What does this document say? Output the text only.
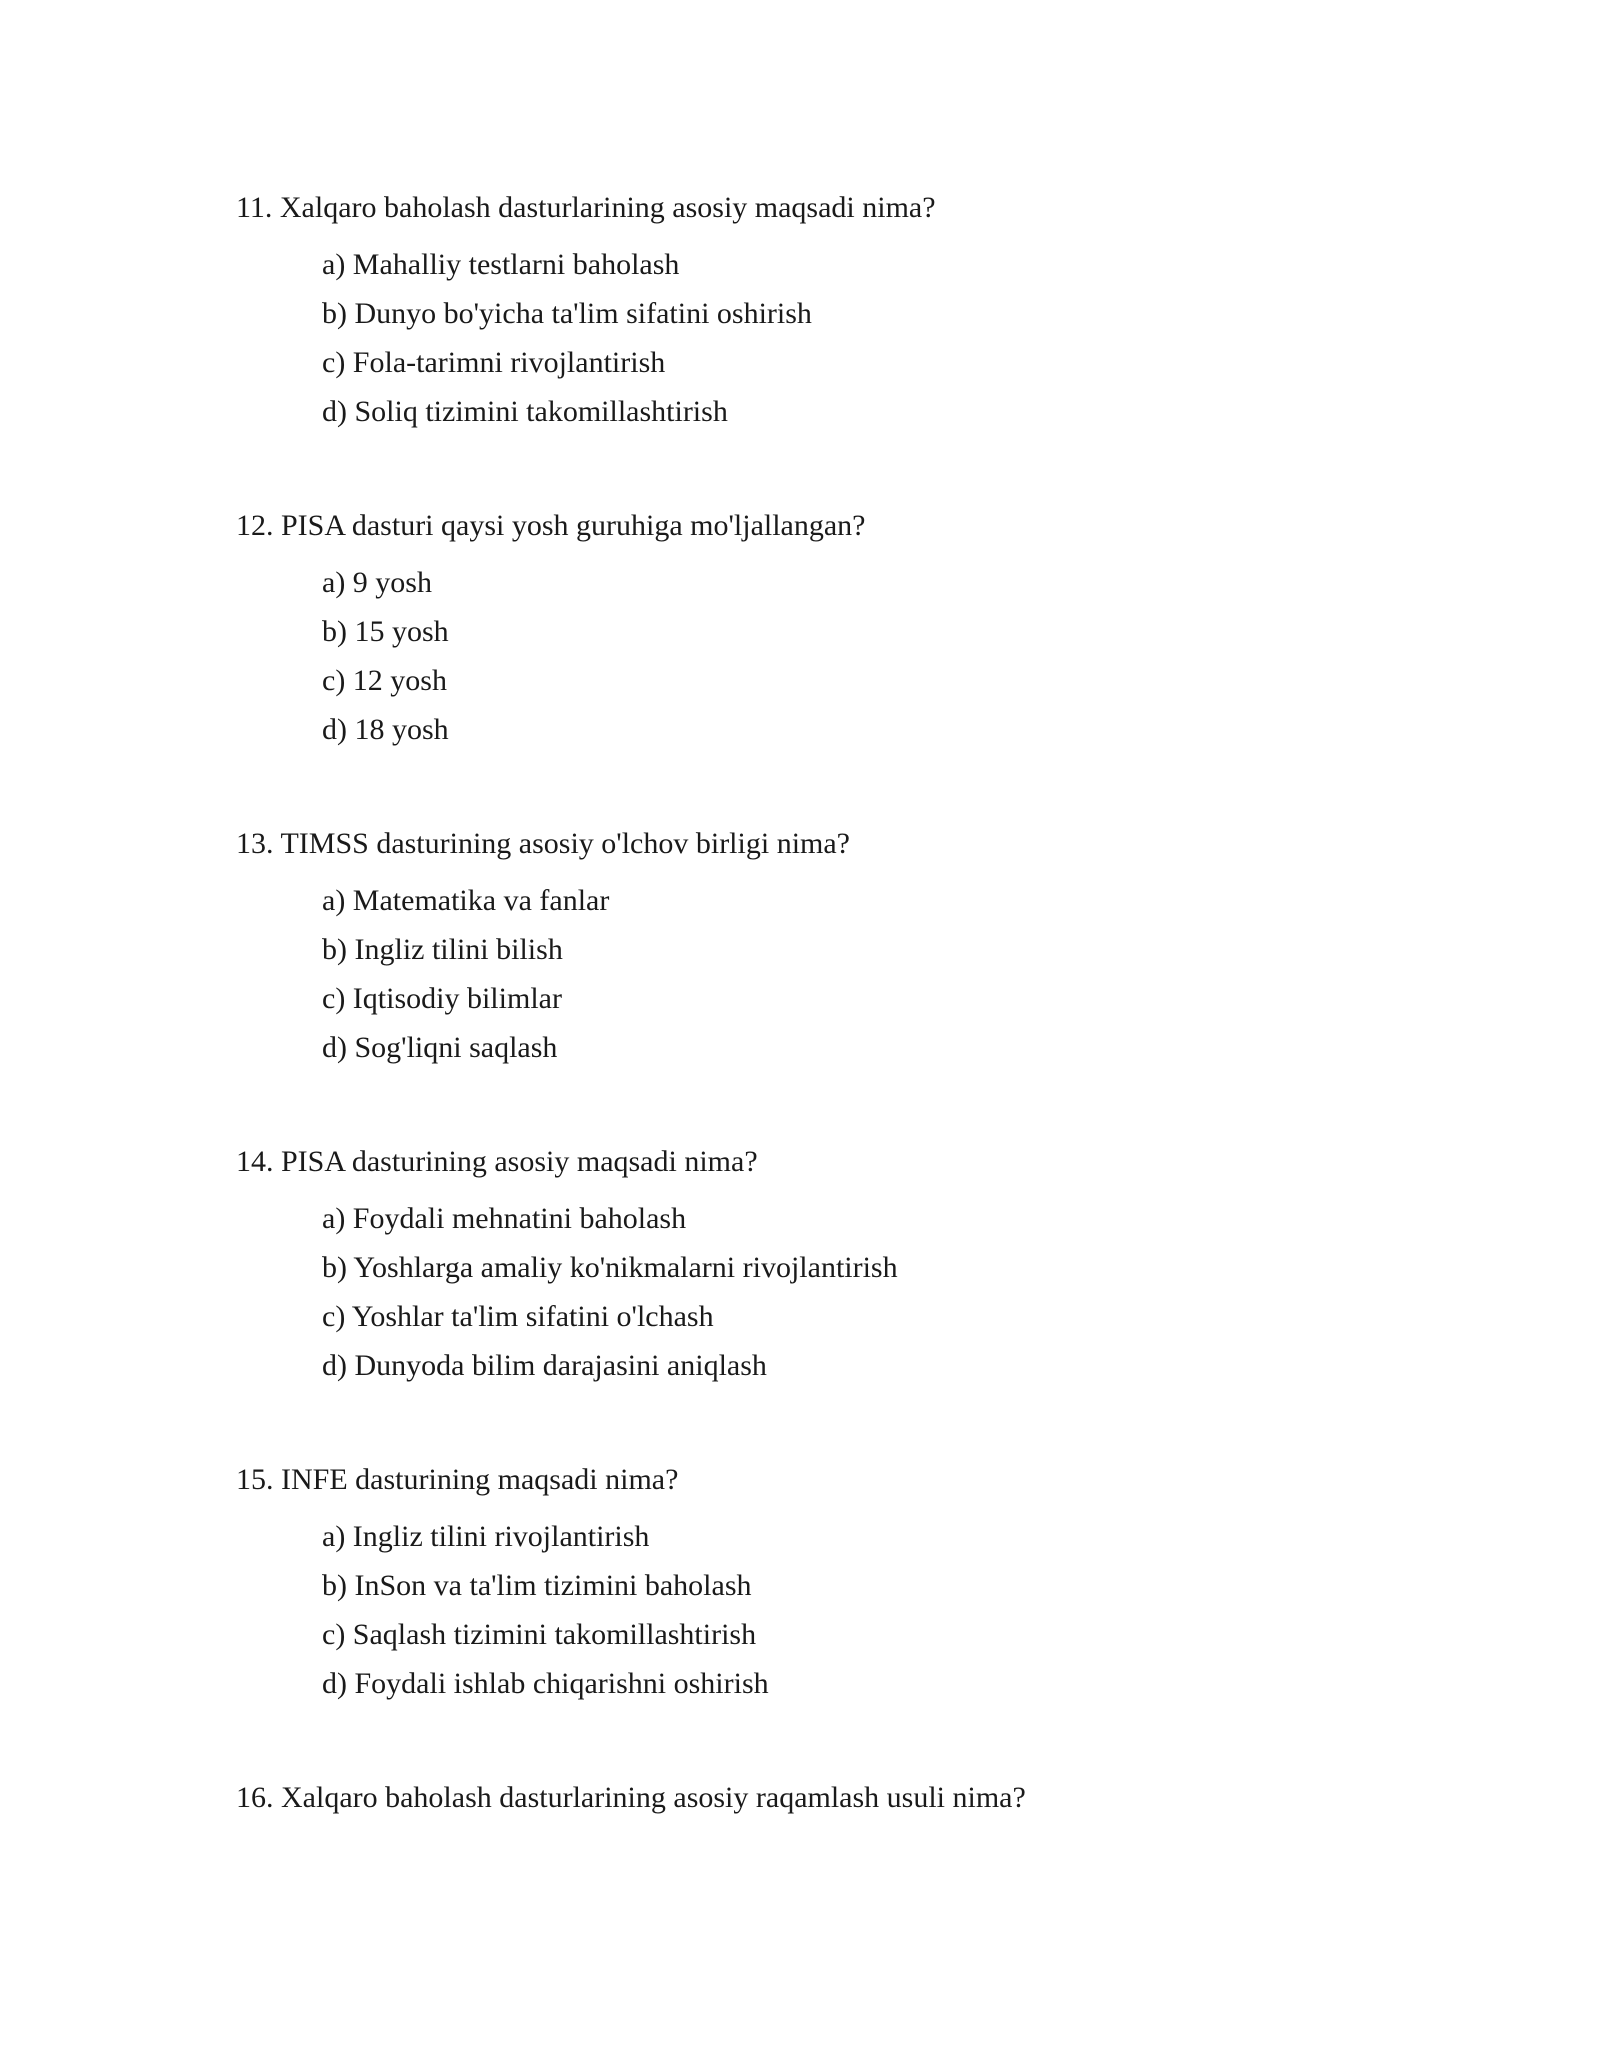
11. Xalqaro baholash dasturlarining asosiy maqsadi nima?

a) Mahalliy testlarni baholash
b) Dunyo bo'yicha ta'lim sifatini oshirish
c) Fola-tarimni rivojlantirish
d) Soliq tizimini takomillashtirish

12. PISA dasturi qaysi yosh guruhiga mo'ljallangan?

a) 9 yosh
b) 15 yosh
c) 12 yosh
d) 18 yosh

13. TIMSS dasturining asosiy o'lchov birligi nima?

a) Matematika va fanlar
b) Ingliz tilini bilish
c) Iqtisodiy bilimlar
d) Sog'liqni saqlash

14. PISA dasturining asosiy maqsadi nima?

a) Foydali mehnatini baholash
b) Yoshlarga amaliy ko'nikmalarni rivojlantirish
c) Yoshlar ta'lim sifatini o'lchash
d) Dunyoda bilim darajasini aniqlash

15. INFE dasturining maqsadi nima?

a) Ingliz tilini rivojlantirish
b) InSon va ta'lim tizimini baholash
c) Saqlash tizimini takomillashtirish
d) Foydali ishlab chiqarishni oshirish

16. Xalqaro baholash dasturlarining asosiy raqamlash usuli nima?
